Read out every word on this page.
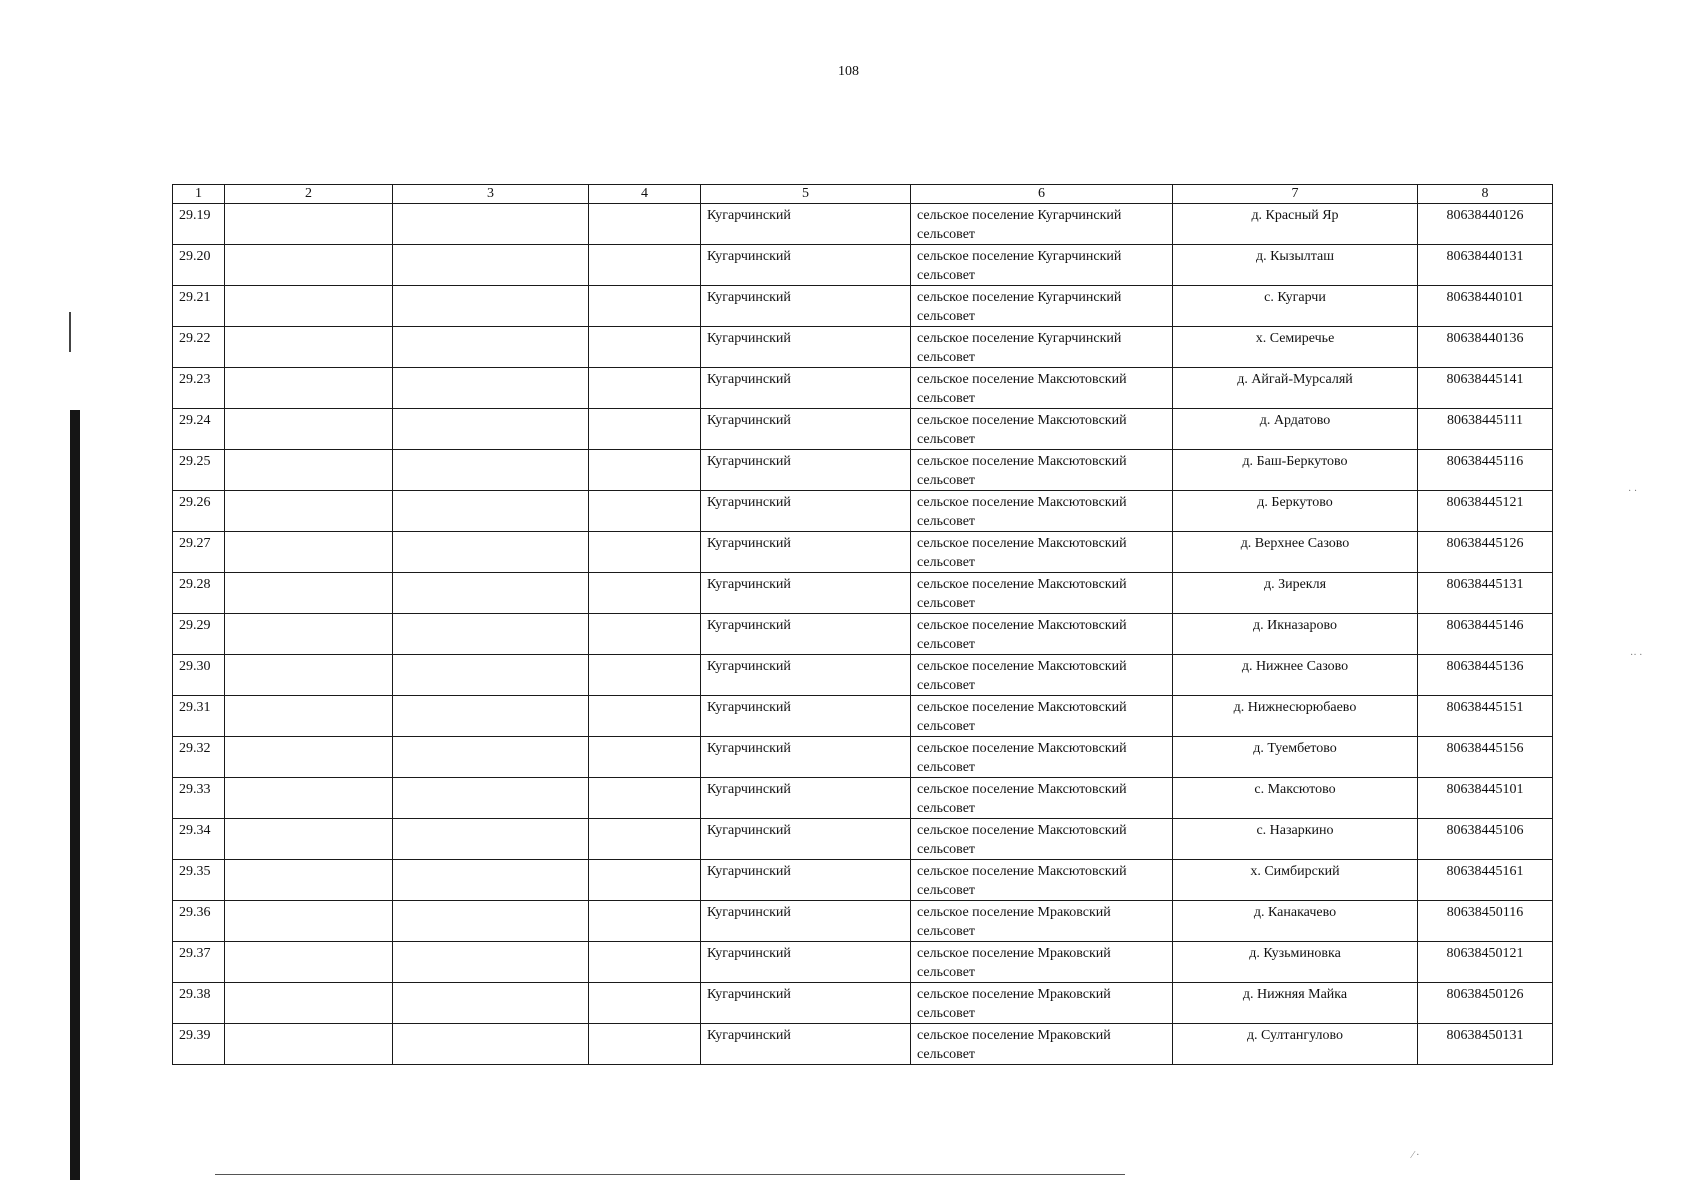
108
· ·
·· ·
⁄ ·
1	2	3	4	5	6	7	8
29.19				Кугарчинский	сельское поселение Кугарчинский сельсовет	д. Красный Яр	80638440126
29.20				Кугарчинский	сельское поселение Кугарчинский сельсовет	д. Кызылташ	80638440131
29.21				Кугарчинский	сельское поселение Кугарчинский сельсовет	с. Кугарчи	80638440101
29.22				Кугарчинский	сельское поселение Кугарчинский сельсовет	х. Семиречье	80638440136
29.23				Кугарчинский	сельское поселение Максютовский сельсовет	д. Айгай-Мурсаляй	80638445141
29.24				Кугарчинский	сельское поселение Максютовский сельсовет	д. Ардатово	80638445111
29.25				Кугарчинский	сельское поселение Максютовский сельсовет	д. Баш-Беркутово	80638445116
29.26				Кугарчинский	сельское поселение Максютовский сельсовет	д. Беркутово	80638445121
29.27				Кугарчинский	сельское поселение Максютовский сельсовет	д. Верхнее Сазово	80638445126
29.28				Кугарчинский	сельское поселение Максютовский сельсовет	д. Зирекля	80638445131
29.29				Кугарчинский	сельское поселение Максютовский сельсовет	д. Икназарово	80638445146
29.30				Кугарчинский	сельское поселение Максютовский сельсовет	д. Нижнее Сазово	80638445136
29.31				Кугарчинский	сельское поселение Максютовский сельсовет	д. Нижнесюрюбаево	80638445151
29.32				Кугарчинский	сельское поселение Максютовский сельсовет	д. Туембетово	80638445156
29.33				Кугарчинский	сельское поселение Максютовский сельсовет	с. Максютово	80638445101
29.34				Кугарчинский	сельское поселение Максютовский сельсовет	с. Назаркино	80638445106
29.35				Кугарчинский	сельское поселение Максютовский сельсовет	х. Симбирский	80638445161
29.36				Кугарчинский	сельское поселение Мраковский сельсовет	д. Канакачево	80638450116
29.37				Кугарчинский	сельское поселение Мраковский сельсовет	д. Кузьминовка	80638450121
29.38				Кугарчинский	сельское поселение Мраковский сельсовет	д. Нижняя Майка	80638450126
29.39				Кугарчинский	сельское поселение Мраковский сельсовет	д. Султангулово	80638450131
